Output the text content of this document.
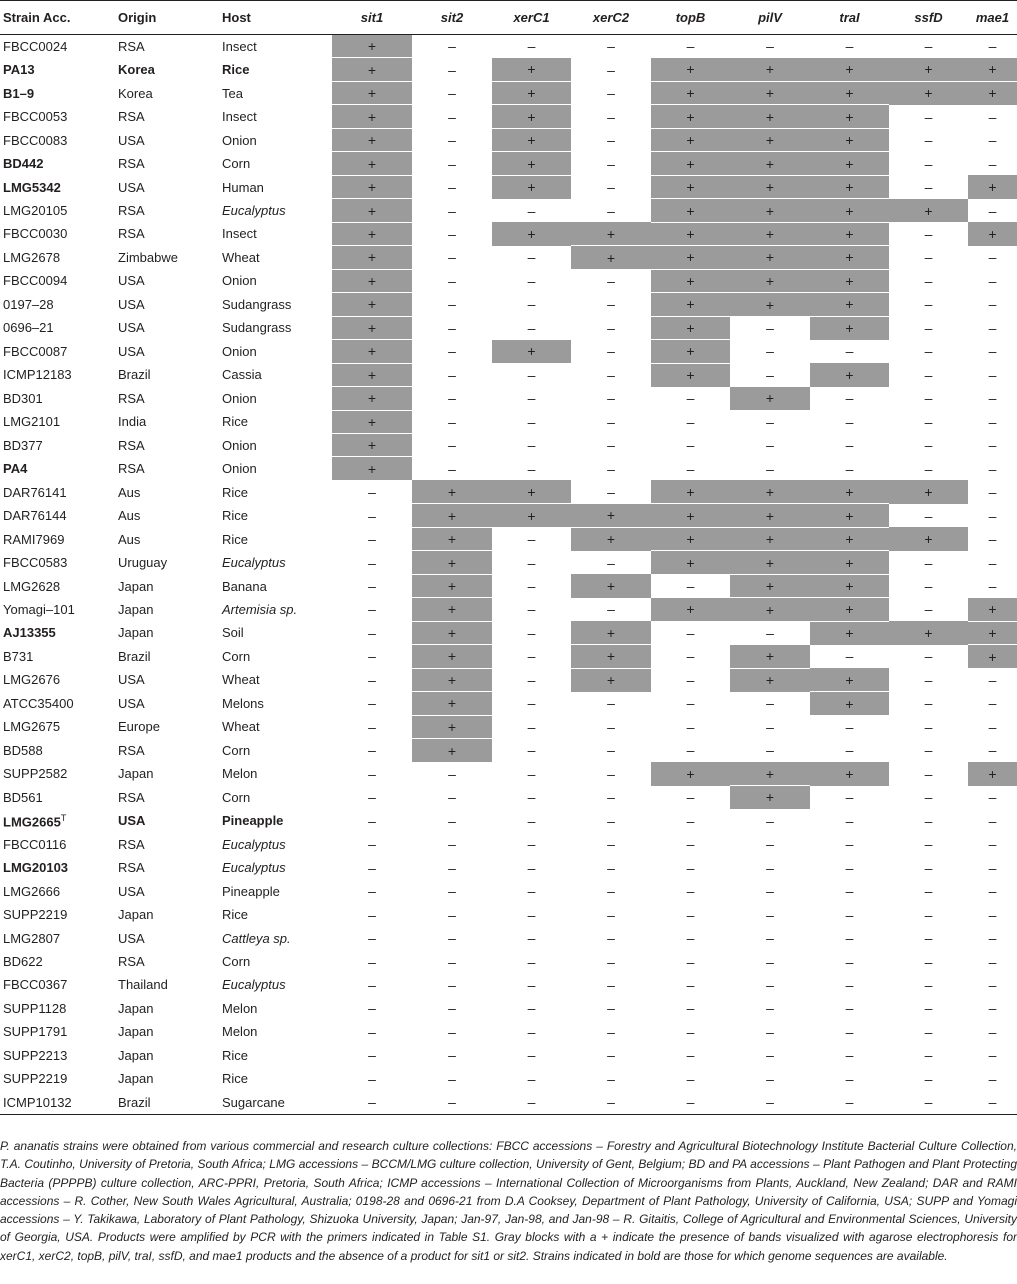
Strain Acc.	Origin	Host	sit1	sit2	xerC1	xerC2	topB	pilV	traI	ssfD	mae1
FBCC0024	RSA	Insect	+	–	–	–	–	–	–	–	–
PA13	Korea	Rice	+	–	+	–	+	+	+	+	+
B1–9	Korea	Tea	+	–	+	–	+	+	+	+	+
FBCC0053	RSA	Insect	+	–	+	–	+	+	+	–	–
FBCC0083	USA	Onion	+	–	+	–	+	+	+	–	–
BD442	RSA	Corn	+	–	+	–	+	+	+	–	–
LMG5342	USA	Human	+	–	+	–	+	+	+	–	+
LMG20105	RSA	Eucalyptus	+	–	–	–	+	+	+	+	–
FBCC0030	RSA	Insect	+	–	+	+	+	+	+	–	+
LMG2678	Zimbabwe	Wheat	+	–	–	+	+	+	+	–	–
FBCC0094	USA	Onion	+	–	–	–	+	+	+	–	–
0197–28	USA	Sudangrass	+	–	–	–	+	+	+	–	–
0696–21	USA	Sudangrass	+	–	–	–	+	–	+	–	–
FBCC0087	USA	Onion	+	–	+	–	+	–	–	–	–
ICMP12183	Brazil	Cassia	+	–	–	–	+	–	+	–	–
BD301	RSA	Onion	+	–	–	–	–	+	–	–	–
LMG2101	India	Rice	+	–	–	–	–	–	–	–	–
BD377	RSA	Onion	+	–	–	–	–	–	–	–	–
PA4	RSA	Onion	+	–	–	–	–	–	–	–	–
DAR76141	Aus	Rice	–	+	+	–	+	+	+	+	–
DAR76144	Aus	Rice	–	+	+	+	+	+	+	–	–
RAMI7969	Aus	Rice	–	+	–	+	+	+	+	+	–
FBCC0583	Uruguay	Eucalyptus	–	+	–	–	+	+	+	–	–
LMG2628	Japan	Banana	–	+	–	+	–	+	+	–	–
Yomagi–101	Japan	Artemisia sp.	–	+	–	–	+	+	+	–	+
AJ13355	Japan	Soil	–	+	–	+	–	–	+	+	+
B731	Brazil	Corn	–	+	–	+	–	+	–	–	+
LMG2676	USA	Wheat	–	+	–	+	–	+	+	–	–
ATCC35400	USA	Melons	–	+	–	–	–	–	+	–	–
LMG2675	Europe	Wheat	–	+	–	–	–	–	–	–	–
BD588	RSA	Corn	–	+	–	–	–	–	–	–	–
SUPP2582	Japan	Melon	–	–	–	–	+	+	+	–	+
BD561	RSA	Corn	–	–	–	–	–	+	–	–	–
$LMG2665^T$	USA	Pineapple	–	–	–	–	–	–	–	–	–
FBCC0116	RSA	Eucalyptus	–	–	–	–	–	–	–	–	–
LMG20103	RSA	Eucalyptus	–	–	–	–	–	–	–	–	–
LMG2666	USA	Pineapple	–	–	–	–	–	–	–	–	–
SUPP2219	Japan	Rice	–	–	–	–	–	–	–	–	–
LMG2807	USA	Cattleya sp.	–	–	–	–	–	–	–	–	–
BD622	RSA	Corn	–	–	–	–	–	–	–	–	–
FBCC0367	Thailand	Eucalyptus	–	–	–	–	–	–	–	–	–
SUPP1128	Japan	Melon	–	–	–	–	–	–	–	–	–
SUPP1791	Japan	Melon	–	–	–	–	–	–	–	–	–
SUPP2213	Japan	Rice	–	–	–	–	–	–	–	–	–
SUPP2219	Japan	Rice	–	–	–	–	–	–	–	–	–
ICMP10132	Brazil	Sugarcane	–	–	–	–	–	–	–	–	–

P. ananatis strains were obtained from various commercial and research culture collections: FBCC accessions – Forestry and Agricultural Biotechnology Institute Bacterial Culture Collection, T.A. Coutinho, University of Pretoria, South Africa; LMG accessions – BCCM/LMG culture collection, University of Gent, Belgium; BD and PA accessions – Plant Pathogen and Plant Protecting Bacteria (PPPPB) culture collection, ARC-PPRI, Pretoria, South Africa; ICMP accessions – International Collection of Microorganisms from Plants, Auckland, New Zealand; DAR and RAMI accessions – R. Cother, New South Wales Agricultural, Australia; 0198-28 and 0696-21 from D.A Cooksey, Department of Plant Pathology, University of California, USA; SUPP and Yomagi accessions – Y. Takikawa, Laboratory of Plant Pathology, Shizuoka University, Japan; Jan-97, Jan-98, and Jan-98 – R. Gitaitis, College of Agricultural and Environmental Sciences, University of Georgia, USA. Products were amplified by PCR with the primers indicated in Table S1. Gray blocks with a + indicate the presence of bands visualized with agarose electrophoresis for xerC1, xerC2, topB, pilV, traI, ssfD, and mae1 products and the absence of a product for sit1 or sit2. Strains indicated in bold are those for which genome sequences are available.
